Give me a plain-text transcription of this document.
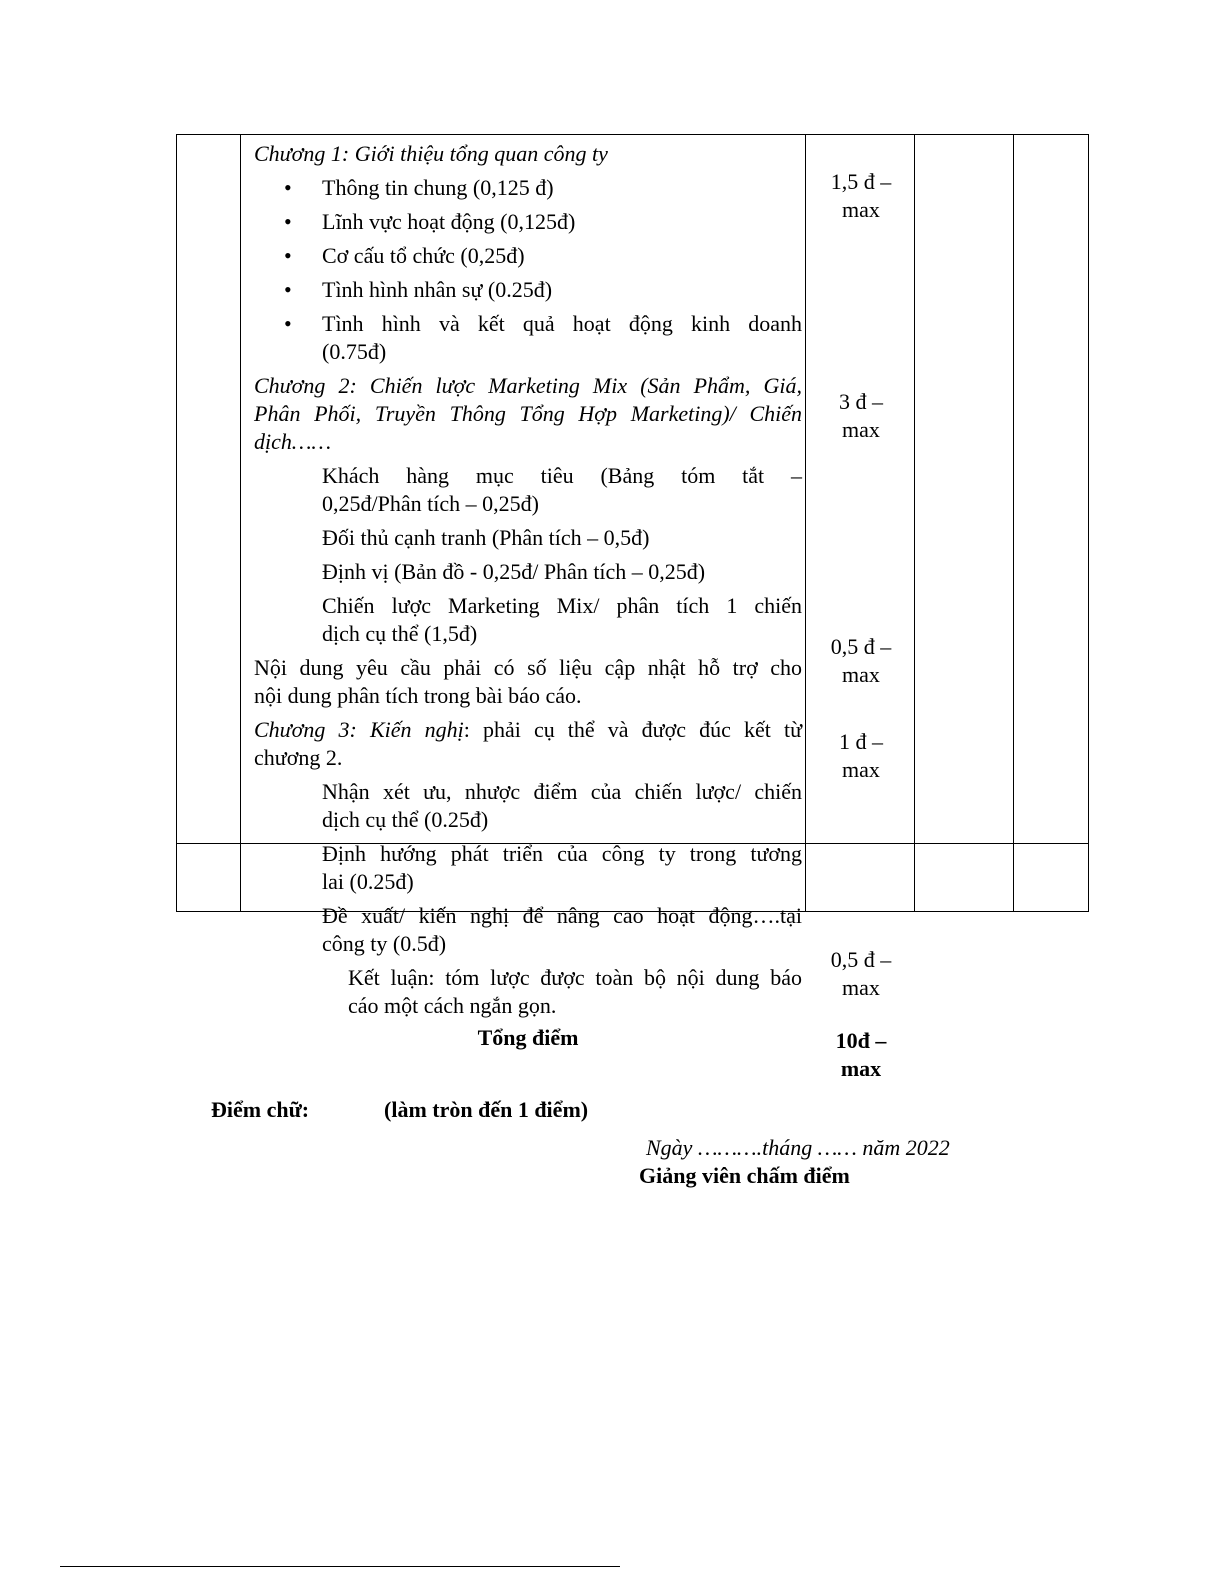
Chương 1: Giới thiệu tổng quan công ty

• Thông tin chung (0,125 đ)

• Lĩnh vực hoạt động (0,125đ)

• Cơ cấu tổ chức (0,25đ)

• Tình hình nhân sự (0.25đ)

• Tình hình và kết quả hoạt động kinh doanh

(0.75đ)

Chương 2: Chiến lược Marketing Mix (Sản Phẩm, Giá,

Phân Phối, Truyền Thông Tổng Hợp Marketing)/ Chiến

dịch……

Khách hàng mục tiêu (Bảng tóm tắt –

0,25đ/Phân tích – 0,25đ)

Đối thủ cạnh tranh (Phân tích – 0,5đ)

Định vị (Bản đồ - 0,25đ/ Phân tích – 0,25đ)

Chiến lược Marketing Mix/ phân tích 1 chiến

dịch cụ thể (1,5đ)

Nội dung yêu cầu phải có số liệu cập nhật hỗ trợ cho

nội dung phân tích trong bài báo cáo.

Chương 3: Kiến nghị: phải cụ thể và được đúc kết từ

chương 2.

Nhận xét ưu, nhược điểm của chiến lược/ chiến

dịch cụ thể (0.25đ)

Định hướng phát triển của công ty trong tương

lai (0.25đ)

Đề xuất/ kiến nghị để nâng cao hoạt động….tại

công ty (0.5đ)

Kết luận: tóm lược được toàn bộ nội dung báo

cáo một cách ngắn gọn.

Tổng điểm

1,5 đ –
max
3 đ –
max
0,5 đ –
max
1 đ –
max
0,5 đ –
max
10đ –
max
Điểm chữ:	(làm tròn đến 1 điểm)
Ngày ……….tháng …… năm 2022
Giảng viên chấm điểm
